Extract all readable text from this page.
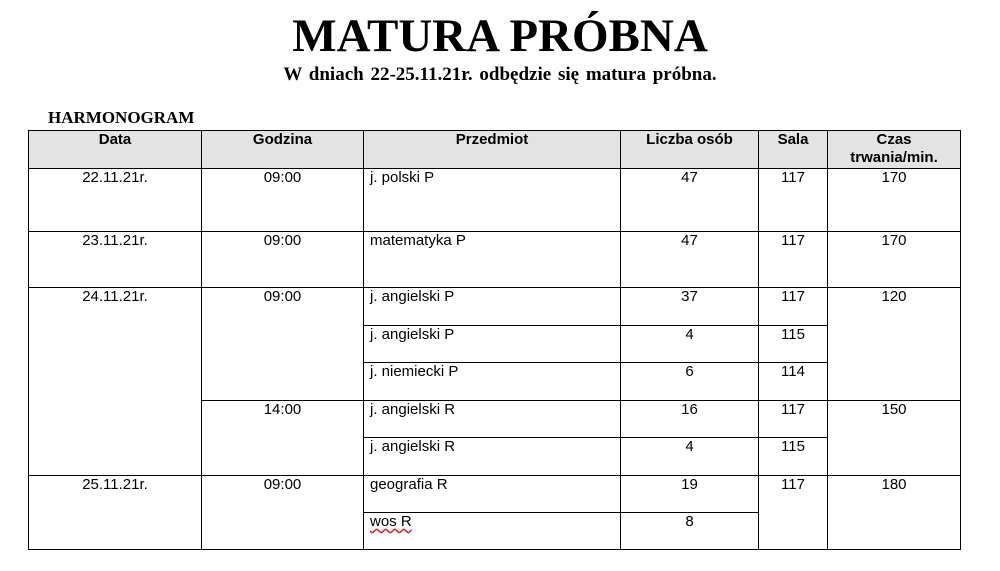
MATURA PRÓBNA
W dniach 22-25.11.21r. odbędzie się matura próbna.
HARMONOGRAM
Data	Godzina	Przedmiot	Liczba osób	Sala	Czas
trwania/min.
22.11.21r.	09:00	j. polski P	47	117	170
23.11.21r.	09:00	matematyka P	47	117	170
24.11.21r.	09:00	j. angielski P	37	117	120
		j. angielski P	4	115	
		j. niemiecki P	6	114	
	14:00	j. angielski R	16	117	150
		j. angielski R	4	115	
25.11.21r.	09:00	geografia R	19	117	180
		wos R	8		
